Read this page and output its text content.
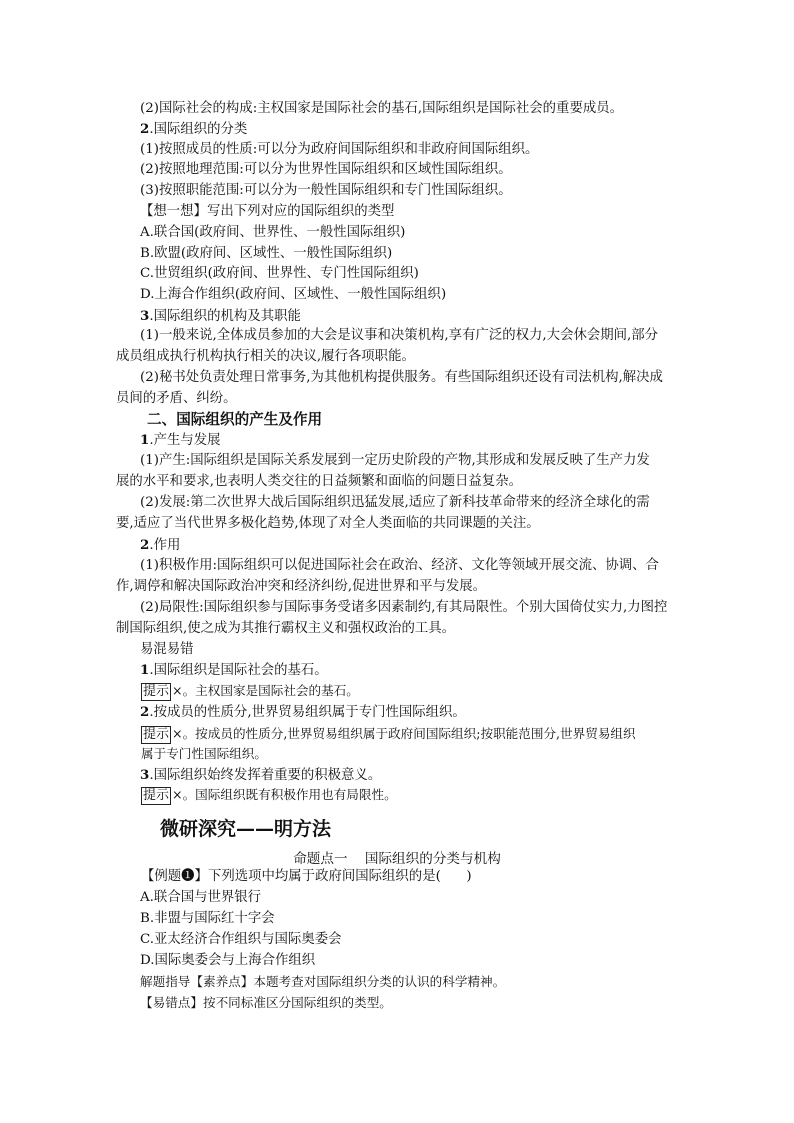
(2)国际社会的构成:主权国家是国际社会的基石,国际组织是国际社会的重要成员。
2.国际组织的分类
(1)按照成员的性质:可以分为政府间国际组织和非政府间国际组织。
(2)按照地理范围:可以分为世界性国际组织和区域性国际组织。
(3)按照职能范围:可以分为一般性国际组织和专门性国际组织。
【想一想】写出下列对应的国际组织的类型
A.联合国(政府间、世界性、一般性国际组织)
B.欧盟(政府间、区域性、一般性国际组织)
C.世贸组织(政府间、世界性、专门性国际组织)
D.上海合作组织(政府间、区域性、一般性国际组织)
3.国际组织的机构及其职能
(1)一般来说,全体成员参加的大会是议事和决策机构,享有广泛的权力,大会休会期间,部分
成员组成执行机构执行相关的决议,履行各项职能。
(2)秘书处负责处理日常事务,为其他机构提供服务。有些国际组织还设有司法机构,解决成
员间的矛盾、纠纷。
二、国际组织的产生及作用
1.产生与发展
(1)产生:国际组织是国际关系发展到一定历史阶段的产物,其形成和发展反映了生产力发
展的水平和要求,也表明人类交往的日益频繁和面临的问题日益复杂。
(2)发展:第二次世界大战后国际组织迅猛发展,适应了新科技革命带来的经济全球化的需
要,适应了当代世界多极化趋势,体现了对全人类面临的共同课题的关注。
2.作用
(1)积极作用:国际组织可以促进国际社会在政治、经济、文化等领域开展交流、协调、合
作,调停和解决国际政治冲突和经济纠纷,促进世界和平与发展。
(2)局限性:国际组织参与国际事务受诸多因素制约,有其局限性。个别大国倚仗实力,力图控
制国际组织,使之成为其推行霸权主义和强权政治的工具。
易混易错
1.国际组织是国际社会的基石。
提示 ×。主权国家是国际社会的基石。
2.按成员的性质分,世界贸易组织属于专门性国际组织。
提示 ×。按成员的性质分,世界贸易组织属于政府间国际组织;按职能范围分,世界贸易组织
属于专门性国际组织。
3.国际组织始终发挥着重要的积极意义。
提示 ×。国际组织既有积极作用也有局限性。
微研深究——明方法
命题点一    国际组织的分类与机构
【例题❶】下列选项中均属于政府间国际组织的是(      )
A.联合国与世界银行
B.非盟与国际红十字会
C.亚太经济合作组织与国际奥委会
D.国际奥委会与上海合作组织
解题指导【素养点】本题考查对国际组织分类的认识的科学精神。
【易错点】按不同标准区分国际组织的类型。
